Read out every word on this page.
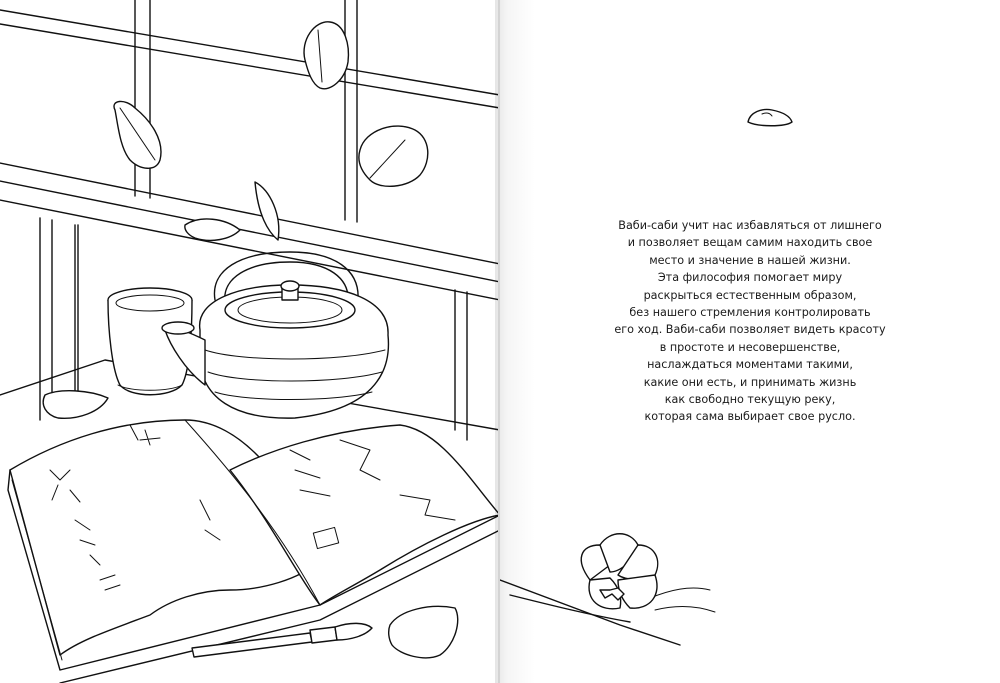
Ваби-саби учит нас избавляться от лишнего
и позволяет вещам самим находить свое
место и значение в нашей жизни.
Эта философия помогает миру
раскрыться естественным образом,
без нашего стремления контролировать
его ход. Ваби-саби позволяет видеть красоту
в простоте и несовершенстве,
наслаждаться моментами такими,
какие они есть, и принимать жизнь
как свободно текущую реку,
которая сама выбирает свое русло.
